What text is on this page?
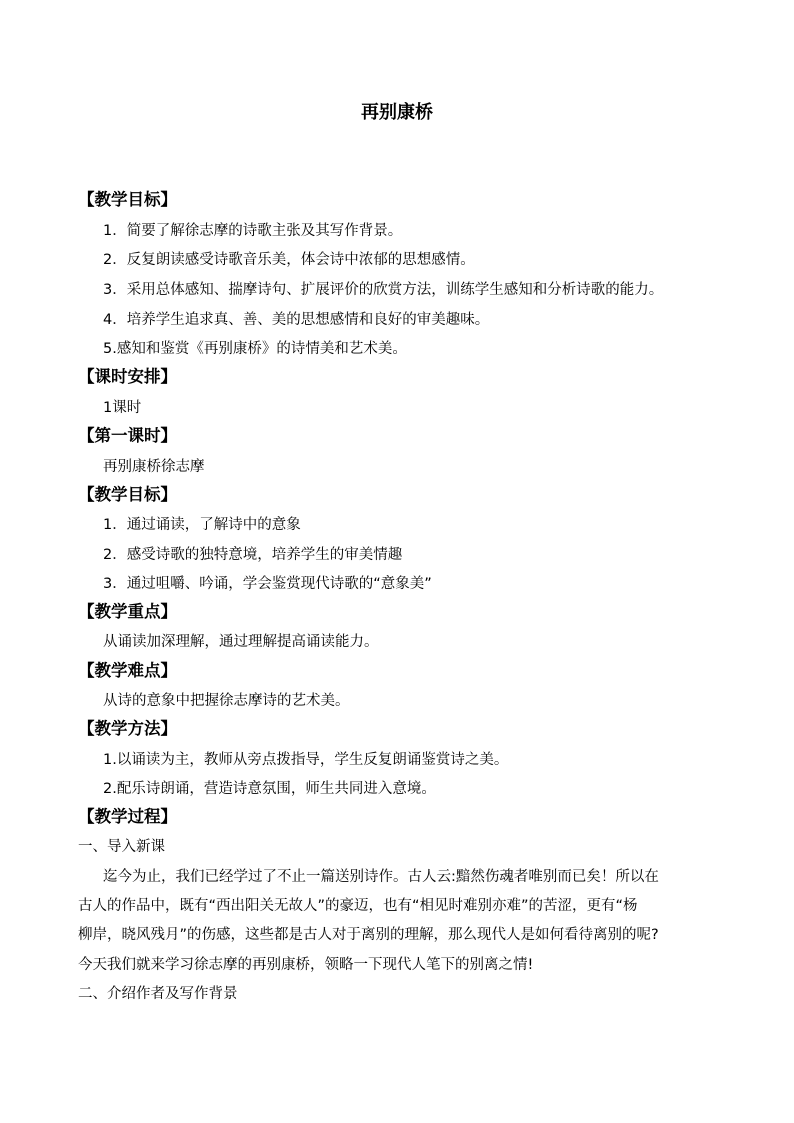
再别康桥
【教学目标】
1．简要了解徐志摩的诗歌主张及其写作背景。
2．反复朗读感受诗歌音乐美，体会诗中浓郁的思想感情。
3．采用总体感知、揣摩诗句、扩展评价的欣赏方法，训练学生感知和分析诗歌的能力。
4．培养学生追求真、善、美的思想感情和良好的审美趣味。
5.感知和鉴赏《再别康桥》的诗情美和艺术美。
【课时安排】
1课时
【第一课时】
再别康桥徐志摩
【教学目标】
1．通过诵读，了解诗中的意象
2．感受诗歌的独特意境，培养学生的审美情趣
3．通过咀嚼、吟诵，学会鉴赏现代诗歌的“意象美”
【教学重点】
从诵读加深理解，通过理解提高诵读能力。
【教学难点】
从诗的意象中把握徐志摩诗的艺术美。
【教学方法】
1.以诵读为主，教师从旁点拨指导，学生反复朗诵鉴赏诗之美。
2.配乐诗朗诵，营造诗意氛围，师生共同进入意境。
【教学过程】
一、导入新课
迄今为止，我们已经学过了不止一篇送别诗作。古人云:黯然伤魂者唯别而已矣！所以在
古人的作品中，既有“西出阳关无故人”的豪迈，也有“相见时难别亦难”的苦涩，更有“杨
柳岸，晓风残月”的伤感，这些都是古人对于离别的理解，那么现代人是如何看待离别的呢?
今天我们就来学习徐志摩的再别康桥，领略一下现代人笔下的别离之情!
二、介绍作者及写作背景
